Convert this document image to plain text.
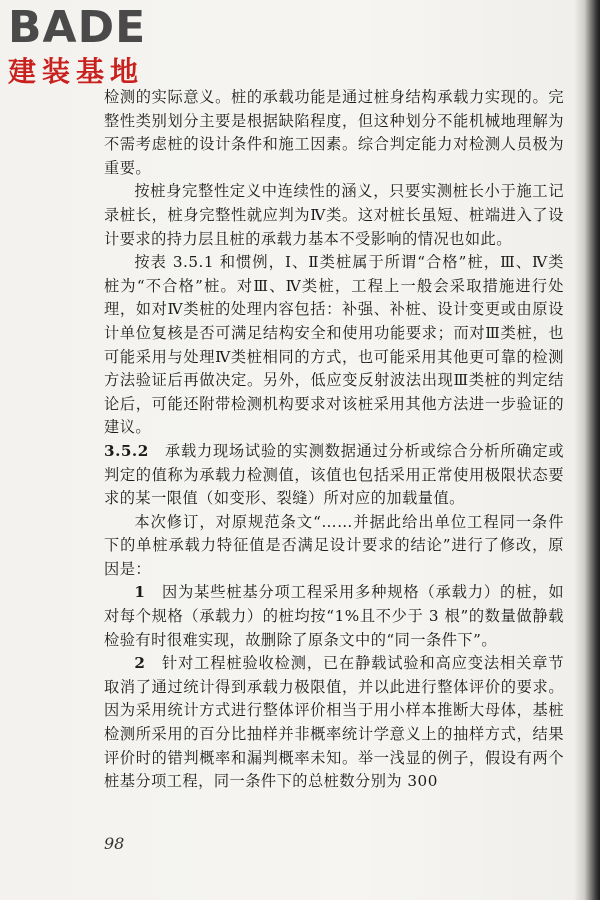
BADE
建装基地

检测的实际意义。桩的承载功能是通过桩身结构承载力实现的。完整性类别划分主要是根据缺陷程度，但这种划分不能机械地理解为不需考虑桩的设计条件和施工因素。综合判定能力对检测人员极为重要。

按桩身完整性定义中连续性的涵义，只要实测桩长小于施工记录桩长，桩身完整性就应判为Ⅳ类。这对桩长虽短、桩端进入了设计要求的持力层且桩的承载力基本不受影响的情况也如此。

按表 3.5.1 和惯例，Ⅰ、Ⅱ类桩属于所谓“合格”桩，Ⅲ、Ⅳ类桩为“不合格”桩。对Ⅲ、Ⅳ类桩，工程上一般会采取措施进行处理，如对Ⅳ类桩的处理内容包括：补强、补桩、设计变更或由原设计单位复核是否可满足结构安全和使用功能要求；而对Ⅲ类桩，也可能采用与处理Ⅳ类桩相同的方式，也可能采用其他更可靠的检测方法验证后再做决定。另外，低应变反射波法出现Ⅲ类桩的判定结论后，可能还附带检测机构要求对该桩采用其他方法进一步验证的建议。

3.5.2　承载力现场试验的实测数据通过分析或综合分析所确定或判定的值称为承载力检测值，该值也包括采用正常使用极限状态要求的某一限值（如变形、裂缝）所对应的加载量值。

本次修订，对原规范条文“……并据此给出单位工程同一条件下的单桩承载力特征值是否满足设计要求的结论”进行了修改，原因是：

1　因为某些桩基分项工程采用多种规格（承载力）的桩，如对每个规格（承载力）的桩均按“1%且不少于 3 根”的数量做静载检验有时很难实现，故删除了原条文中的“同一条件下”。

2　针对工程桩验收检测，已在静载试验和高应变法相关章节取消了通过统计得到承载力极限值，并以此进行整体评价的要求。因为采用统计方式进行整体评价相当于用小样本推断大母体，基桩检测所采用的百分比抽样并非概率统计学意义上的抽样方式，结果评价时的错判概率和漏判概率未知。举一浅显的例子，假设有两个桩基分项工程，同一条件下的总桩数分别为 300

98
